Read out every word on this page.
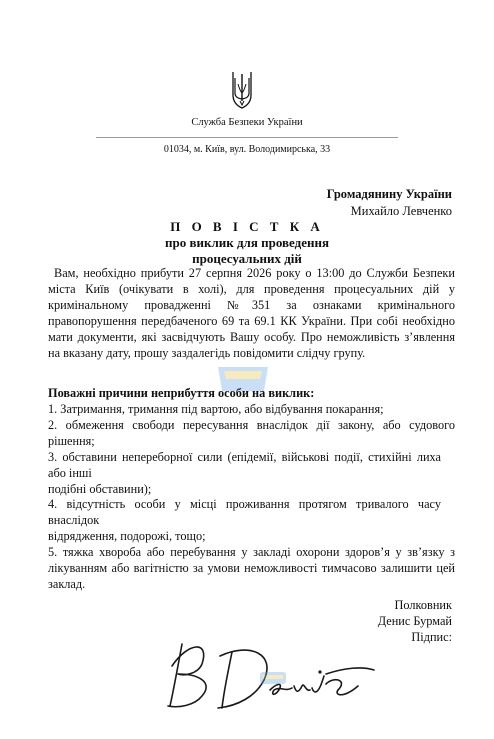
Служба Безпеки України
01034, м. Київ, вул. Володимирська, 33
Громадянину України
Михайло Левченко
П О В І С Т К А
про виклик для проведення
процесуальних дій
Вам, необхідно прибути 27 серпня 2026 року о 13:00 до Служби Безпеки міста Київ (очікувати в холі), для проведення процесуальних дій у кримінальному провадженні №351 за ознаками кримінального правопорушення передбаченого 69 та 69.1 КК України. При собі необхідно мати документи, які засвідчують Вашу особу. Про неможливість з’явлення на вказану дату, прошу заздалегідь повідомити слідчу групу.
Поважні причини неприбуття особи на виклик:
1. Затримання, тримання під вартою, або відбування покарання;
2. обмеження свободи пересування внаслідок дії закону, або судового рішення;
3. обставини непереборної сили (епідемії, військові події, стихійні лиха або інші
подібні обставини);
4. відсутність особи у місці проживання протягом тривалого часу внаслідок
відрядження, подорожі, тощо;
5. тяжка хвороба або перебування у закладі охорони здоров’я у зв’язку з лікуванням або вагітністю за умови неможливості тимчасово залишити цей заклад.
Полковник
Денис Бурмай
Підпис:
